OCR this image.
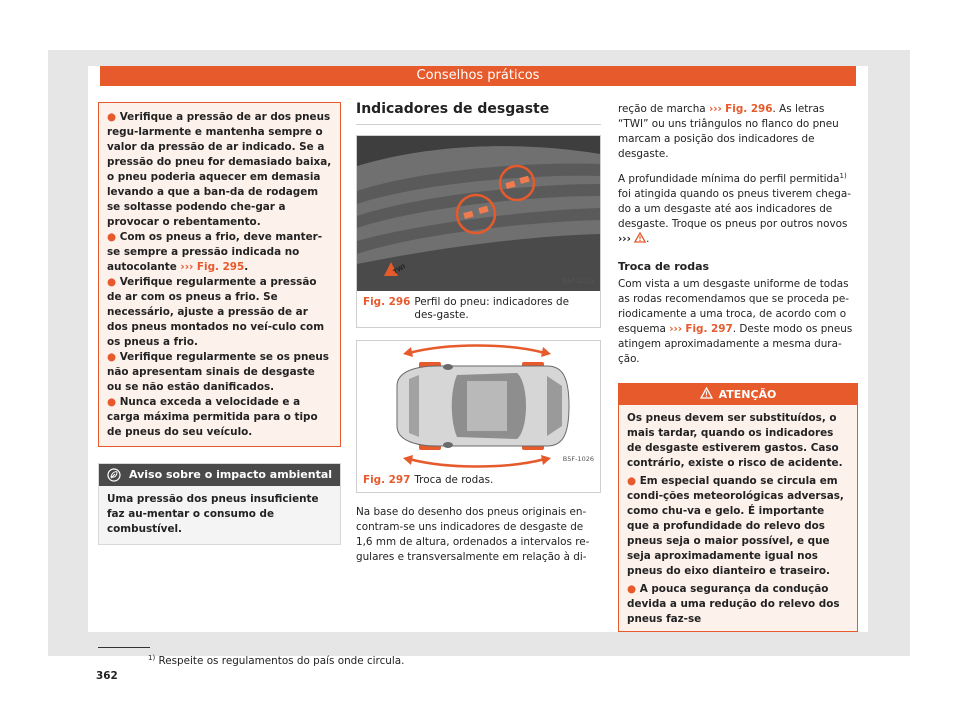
Conselhos práticos

● Verifique a pressão de ar dos pneus regu-larmente e mantenha sempre o valor da pressão de ar indicado. Se a pressão do pneu for demasiado baixa, o pneu poderia aquecer em demasia levando a que a ban-da de rodagem se soltasse podendo che-gar a provocar o rebentamento.

● Com os pneus a frio, deve manter-se sempre a pressão indicada no autocolante ››› Fig. 295.

● Verifique regularmente a pressão de ar com os pneus a frio. Se necessário, ajuste a pressão de ar dos pneus montados no veí-culo com os pneus a frio.

● Verifique regularmente se os pneus não apresentam sinais de desgaste ou se não estão danificados.

● Nunca exceda a velocidade e a carga máxima permitida para o tipo de pneus do seu veículo.

Aviso sobre o impacto ambiental
Uma pressão dos pneus insuficiente faz au-mentar o consumo de combustível.
Indicadores de desgaste
TWI
B5F-1025
Fig. 296 Perfil do pneu: indicadores de des-gaste.
B5F-1026
Fig. 297 Troca de rodas.

Na base do desenho dos pneus originais en-contram-se uns indicadores de desgaste de 1,6 mm de altura, ordenados a intervalos re-gulares e transversalmente em relação à di-

reção de marcha ››› Fig. 296. As letras “TWI” ou uns triângulos no flanco do pneu marcam a posição dos indicadores de desgaste.

A profundidade mínima do perfil permitida$^{1)}$ foi atingida quando os pneus tiverem chega-do a um desgaste até aos indicadores de desgaste. Troque os pneus por outros novos ››› .

Troca de rodas

Com vista a um desgaste uniforme de todas as rodas recomendamos que se proceda pe-riodicamente a uma troca, de acordo com o esquema ››› Fig. 297. Deste modo os pneus atingem aproximadamente a mesma dura-ção.

ATENÇÃO

Os pneus devem ser substituídos, o mais tardar, quando os indicadores de desgaste estiverem gastos. Caso contrário, existe o risco de acidente.

● Em especial quando se circula em condi-ções meteorológicas adversas, como chu-va e gelo. É importante que a profundidade do relevo dos pneus seja o maior possível, e que seja aproximadamente igual nos pneus do eixo dianteiro e traseiro.

● A pouca segurança da condução devida a uma redução do relevo dos pneus faz-se

$^{1)}$ Respeite os regulamentos do país onde circula.
362
